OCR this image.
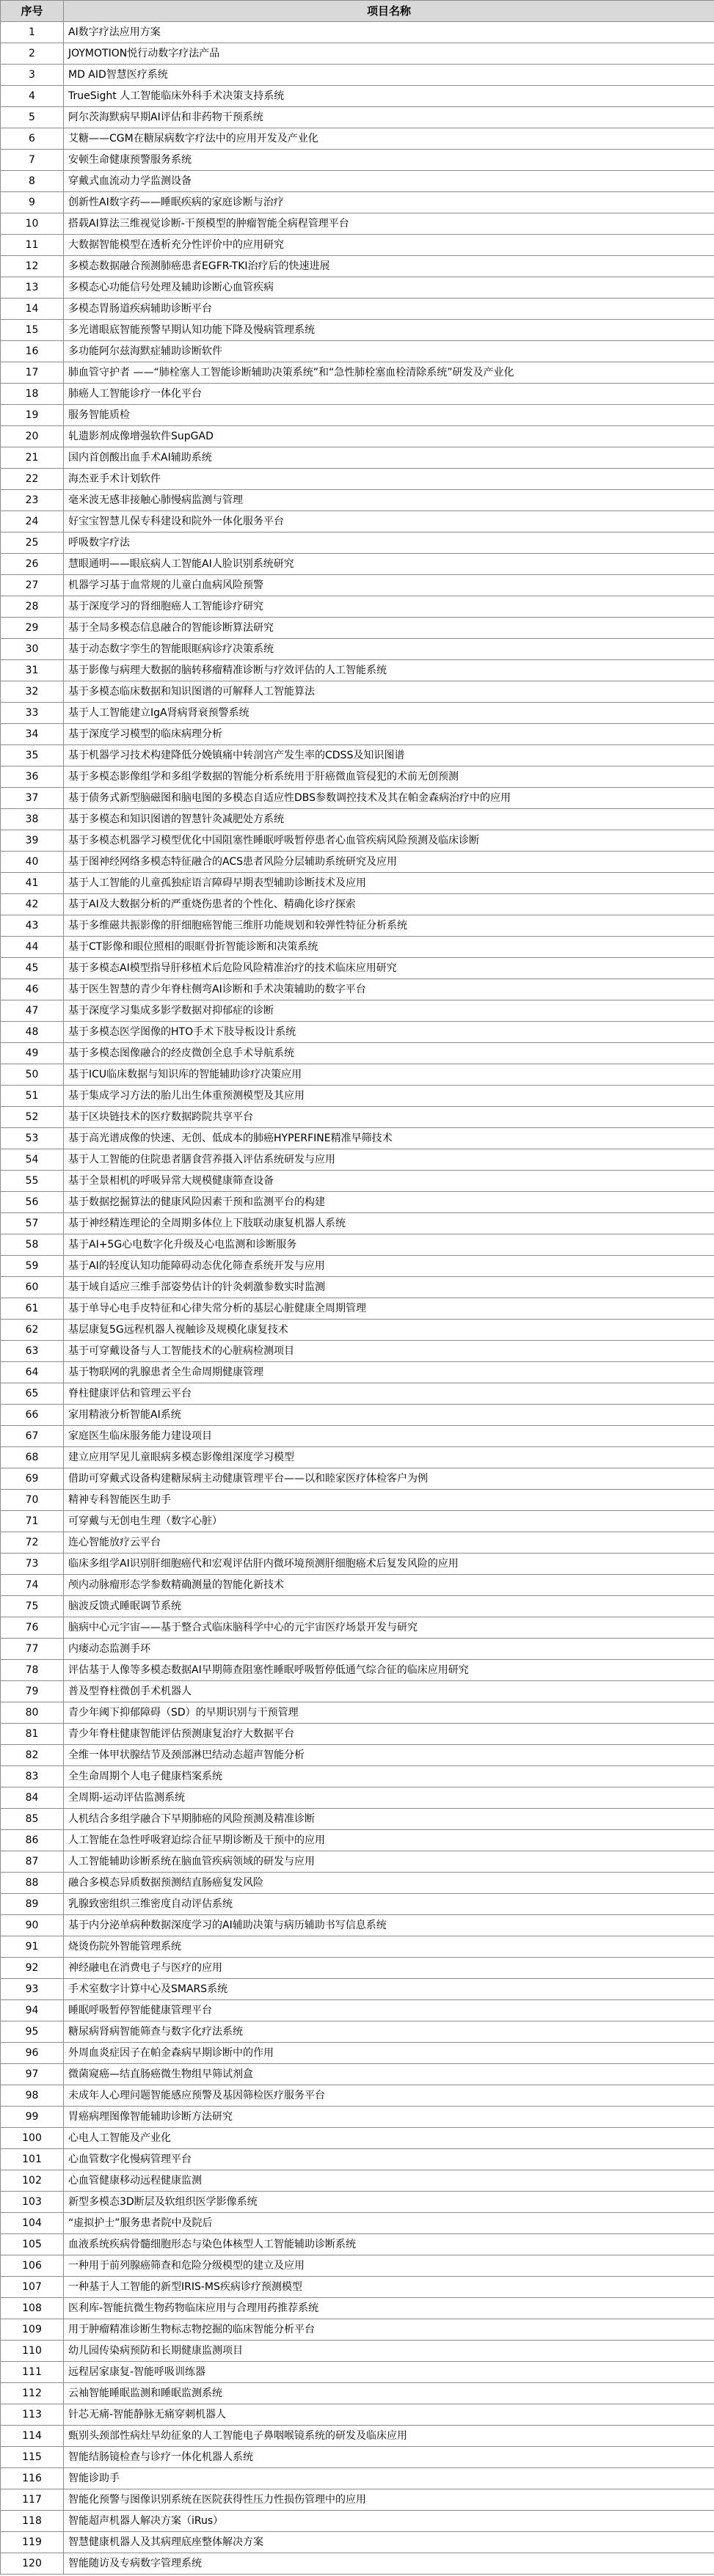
序号	项目名称
1	AI数字疗法应用方案
2	JOYMOTION悦行动数字疗法产品
3	MD AID智慧医疗系统
4	TrueSight 人工智能临床外科手术决策支持系统
5	阿尔茨海默病早期AI评估和非药物干预系统
6	艾糖——CGM在糖尿病数字疗法中的应用开发及产业化
7	安顿生命健康预警服务系统
8	穿戴式血流动力学监测设备
9	创新性AI数字药——睡眠疾病的家庭诊断与治疗
10	搭载AI算法三维视觉诊断-干预模型的肿瘤智能全病程管理平台
11	大数据智能模型在透析充分性评价中的应用研究
12	多模态数据融合预测肺癌患者EGFR-TKI治疗后的快速进展
13	多模态心功能信号处理及辅助诊断心血管疾病
14	多模态胃肠道疾病辅助诊断平台
15	多光谱眼底智能预警早期认知功能下降及慢病管理系统
16	多功能阿尔兹海默症辅助诊断软件
17	肺血管守护者 ——“肺栓塞人工智能诊断辅助决策系统”和“急性肺栓塞血栓清除系统”研发及产业化
18	肺癌人工智能诊疗一体化平台
19	服务智能质检
20	轧遗影剂成像增强软件SupGAD
21	国内首创酸出血手术AI辅助系统
22	海杰亚手术计划软件
23	毫米波无感非接触心肺慢病监测与管理
24	好宝宝智慧儿保专科建设和院外一体化服务平台
25	呼吸数字疗法
26	慧眼通明——眼底病人工智能AI人脸识别系统研究
27	机器学习基于血常规的儿童白血病风险预警
28	基于深度学习的肾细胞癌人工智能诊疗研究
29	基于全局多模态信息融合的智能诊断算法研究
30	基于动态数字孪生的智能眼眶病诊疗决策系统
31	基于影像与病理大数据的脑转移瘤精准诊断与疗效评估的人工智能系统
32	基于多模态临床数据和知识图谱的可解释人工智能算法
33	基于人工智能建立IgA肾病肾衰预警系统
34	基于深度学习模型的临床病理分析
35	基于机器学习技术构建降低分娩镇痛中转剖宫产发生率的CDSS及知识图谱
36	基于多模态影像组学和多组学数据的智能分析系统用于肝癌微血管侵犯的术前无创预测
37	基于债务式新型脑磁图和脑电图的多模态自适应性DBS参数调控技术及其在帕金森病治疗中的应用
38	基于多模态和知识图谱的智慧针灸减肥处方系统
39	基于多模态机器学习模型优化中国阻塞性睡眠呼吸暂停患者心血管疾病风险预测及临床诊断
40	基于图神经网络多模态特征融合的ACS患者风险分层辅助系统研究及应用
41	基于人工智能的儿童孤独症语言障碍早期表型辅助诊断技术及应用
42	基于AI及大数据分析的严重烧伤患者的个性化、精确化诊疗探索
43	基于多维磁共振影像的肝细胞癌智能三维肝功能规划和较弹性特征分析系统
44	基于CT影像和眼位照相的眼眶骨折智能诊断和决策系统
45	基于多模态AI模型指导肝移植术后危险风险精准治疗的技术临床应用研究
46	基于医生智慧的青少年脊柱侧弯AI诊断和手术决策辅助的数字平台
47	基于深度学习集成多影学数据对抑郁症的诊断
48	基于多模态医学图像的HTO手术下肢导板设计系统
49	基于多模态图像融合的经皮微创全息手术导航系统
50	基于ICU临床数据与知识库的智能辅助诊疗决策应用
51	基于集成学习方法的胎儿出生体重预测模型及其应用
52	基于区块链技术的医疗数据跨院共享平台
53	基于高光谱成像的快速、无创、低成本的肺癌HYPERFINE精准早筛技术
54	基于人工智能的住院患者膳食营养摄入评估系统研发与应用
55	基于全景相机的呼吸异常大规模健康筛查设备
56	基于数据挖掘算法的健康风险因素干预和监测平台的构建
57	基于神经精连理论的全周期多体位上下肢联动康复机器人系统
58	基于AI+5G心电数字化升级及心电监测和诊断服务
59	基于AI的轻度认知功能障碍动态优化筛查系统开发与应用
60	基于域自适应三维手部姿势估计的针灸刺激参数实时监测
61	基于单导心电手皮特征和心律失常分析的基层心脏健康全周期管理
62	基层康复5G远程机器人视触诊及规模化康复技术
63	基于可穿戴设备与人工智能技术的心脏病检测项目
64	基于物联网的乳腺患者全生命周期健康管理
65	脊柱健康评估和管理云平台
66	家用精液分析智能AI系统
67	家庭医生临床服务能力建设项目
68	建立应用罕见儿童眼病多模态影像组深度学习模型
69	借助可穿戴式设备构建糖尿病主动健康管理平台——以和睦家医疗体检客户为例
70	精神专科智能医生助手
71	可穿戴与无创电生理（数字心脏）
72	连心智能放疗云平台
73	临床多组学AI识别肝细胞癌代和宏观评估肝内微环境预测肝细胞癌术后复发风险的应用
74	颅内动脉瘤形态学参数精确测量的智能化新技术
75	脑波反馈式睡眠调节系统
76	脑病中心元宇宙——基于整合式临床脑科学中心的元宇宙医疗场景开发与研究
77	内瘘动态监测手环
78	评估基于人像等多模态数据AI早期筛查阻塞性睡眠呼吸暂停低通气综合征的临床应用研究
79	普及型脊柱微创手术机器人
80	青少年阈下抑郁障碍（SD）的早期识别与干预管理
81	青少年脊柱健康智能评估预测康复治疗大数据平台
82	全维一体甲状腺结节及颈部淋巴结动态超声智能分析
83	全生命周期个人电子健康档案系统
84	全周期-运动评估监测系统
85	人机结合多组学融合下早期肺癌的风险预测及精准诊断
86	人工智能在急性呼吸窘迫综合征早期诊断及干预中的应用
87	人工智能辅助诊断系统在脑血管疾病领域的研发与应用
88	融合多模态异质数据预测结直肠癌复发风险
89	乳腺致密组织三维密度自动评估系统
90	基于内分泌单病种数据深度学习的AI辅助决策与病历辅助书写信息系统
91	烧烫伤院外智能管理系统
92	神经融电在消费电子与医疗的应用
93	手术室数字计算中心及SMARS系统
94	睡眠呼吸暂停智能健康管理平台
95	糖尿病肾病智能筛查与数字化疗法系统
96	外周血炎症因子在帕金森病早期诊断中的作用
97	微菌窥癌—结直肠癌微生物组早筛试剂盒
98	未成年人心理问题智能感应预警及基因筛检医疗服务平台
99	胃癌病理图像智能辅助诊断方法研究
100	心电人工智能及产业化
101	心血管数字化慢病管理平台
102	心血管健康移动远程健康监测
103	新型多模态3D断层及软组织医学影像系统
104	“虚拟护士”服务患者院中及院后
105	血液系统疾病骨髓细胞形态与染色体核型人工智能辅助诊断系统
106	一种用于前列腺癌筛查和危险分级模型的建立及应用
107	一种基于人工智能的新型IRIS-MS疾病诊疗预测模型
108	医利库-智能抗微生物药物临床应用与合理用药推荐系统
109	用于肿瘤精准诊断生物标志物挖掘的临床智能分析平台
110	幼儿园传染病预防和长期健康监测项目
111	远程居家康复-智能呼吸训练器
112	云袖智能睡眠监测和睡眠监测系统
113	针芯无痛-智能静脉无痛穿刺机器人
114	甄别头颈部性病灶早幼征象的人工智能电子鼻咽喉镜系统的研发及临床应用
115	智能结肠镜检查与诊疗一体化机器人系统
116	智能诊助手
117	智能化预警与图像识别系统在医院获得性压力性损伤管理中的应用
118	智能超声机器人解决方案（iRus）
119	智慧健康机器人及其病理底座整体解决方案
120	智能随访及专病数字管理系统
